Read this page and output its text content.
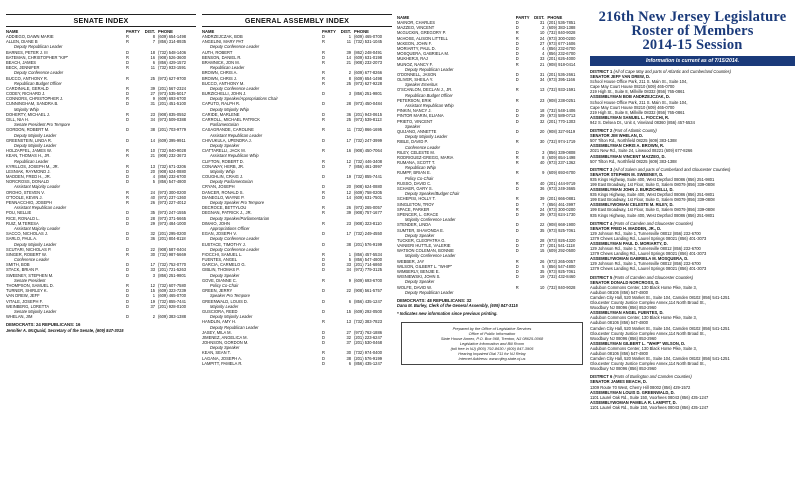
SENATE INDEX
NAME	PARTY	DIST. PHONE
ADDIEGO, DAWN MARIE	R	8 (609) 654-1498
ALLEN, DIANE B	R	7 (856) 314-8935
Deputy Republican Leader
BARNES, PETER J. III	D	18 (732) 548-1406
BATEMAN, CHRISTOPHER "KIP"	R	16 (908) 526-3600
BEACH, JAMES	D	6 (856) 429-1572
BECK, JENNIFER	R	11 (732) 933-1591
Deputy Conference Leader
BUCCO, ANTHONY R.	R	25 (973) 627-9700
Republican Budget Officer
CARDINALE, GERALD	R	39 (201) 567-2324
CODEY, RICHARD J.	D	27 (973) 535-5017
CONNORS, CHRISTOPHER J.	R	9 (609) 693-6700
CUNNINGHAM, SANDRA B.	D	31 (201) 451-5100
Majority Whip
DOHERTY, MICHAEL J.	R	23 (908) 835-0552
GILL, NIA H.	D	34 (973) 509-0388
Senate President Pro Tempore
GORDON, ROBERT M.	D	38 (201) 703-9779
Deputy Majority Leader
GREENSTEIN, LINDA R.	D	14 (609) 395-9911
Deputy Majority Leader
HOLZAPFEL, JAMES W.	R	10 (732) 840-9028
KEAN, THOMAS H., JR.	R	21 (908) 232-3673
Republican Leader
KYRILLOS, JOSEPH M., JR.	R	13 (732) 671-3206
LESNIAK, RAYMOND J.	D	20 (908) 624-0880
MADDEN, FRED H., JR.	D	4 (856) 232-6700
NORCROSS, DONALD	D	5 (856) 547-4800
Assistant Majority Leader
OROHO, STEVEN V.	R	24 (973) 300-0200
O'TOOLE, KEVIN J.	R	40 (973) 237-1360
PENNACCHIO, JOSEPH	R	26 (973) 227-4012
Assistant Republican Leader
POU, NELLIE	D	35 (973) 247-1555
RICE, RONALD L.	D	28 (973) 371-5665
RUIZ, M.TERESA	D	29 (973) 484-1000
Assistant Majority Leader
SACCO, NICHOLAS J.	D	32 (201) 295-0200
SARLO, PAUL A.	D	36 (201) 804-8118
Deputy Majority Leader
SCUTARI, NICHOLAS P.	D	22 (908) 587-0404
SINGER, ROBERT W.	R	30 (732) 987-5669
Conference Leader
SMITH, BOB	D	17 (732) 752-0770
STACK, BRIAN P.	D	33 (201) 721-5263
SWEENEY, STEPHEN M.	D	3 (856) 251-9801
Senate President
THOMPSON, SAMUEL D.	R	12 (732) 607-7580
TURNER, SHIRLEY K.	D	15 (609) 323-7239
VAN DREW, JEFF	D	1 (609) 465-0700
VITALE, JOSEPH F.	D	19 (732) 855-7441
WEINBERG, LORETTA	D	37 (201) 928-0100
Senate Majority Leader
WHELAN, JIM	D	2 (609) 383-1388
DEMOCRATS: 24 REPUBLICANS: 16
Jennifer A. McQuaid, Secretary of the Senate, (609) 847-3015
GENERAL ASSEMBLY INDEX
NAME	PARTY	DIST. PHONE
ANDRZEJCZAK, BOB	D	1 (609) 465-0700
ANGELINI, MARY PAT	R	11 (732) 531-1045
Deputy Conference Leader
AUTH, ROBERT	R	39 (862) 248-0491
BENSON, DANIEL R.	D	14 (609) 631-0198
BRAMNICK, JON M.	R	21 (908) 232-2073
Republican Leader
BROWN, CHRIS A.	R	2 (609) 677-8266
BROWN, CHRIS J.	R	8 (609) 654-1498
BUCCO, ANTHONY M.	R	25 (973) 627-9228
Deputy Conference Leader
BURZICHELLI, JOHN J.	D	3 (856) 251-9801
Deputy Speaker/Appropriations Chair
CAPUTO, RALPH R.	D	28 (973) 450-0484
Deputy Majority Whip
CARIDE, MARLENE	D	36 (201) 943-0615
CARROLL, MICHAEL PATRICK	R	25 (973) 539-8113
Parliamentarian
CASAGRANDE, CAROLINE	R	11 (732) 866-1695
Assistant Republican Leader
CHIVUKULA, UPENDRA J.	D	17 (732) 247-3999
Deputy Speaker
CIATTARELLI, JACK M.	R	16 (908) 450-7064
Assistant Republican Whip
CLIFTON, ROBERT D.	R	12 (732) 446-3408
CONAWAY, HERB, JR.	D	7 (856) 461-3997
Majority Whip
COUGHLIN, CRAIG J.	D	19 (732) 855-7441
Deputy Parliamentarian
CRYAN, JOSEPH	D	20 (908) 624-0880
DANCER, RONALD S.	R	12 (609) 758-0205
DIANEGLO, WAYNE P.	D	14 (609) 631-7501
Deputy Speaker Pro Tempore
DECROCE, BETTYLOU	R	26 (973) 265-0057
DEGNAN, PATRICK J., JR.	R	39 (908) 757-1677
Deputy Speaker/Parliamentarian
DIMAIO, JOHN	R	23 (908) 323-8110
Appropriations Officer
EGAN, JOSEPH V.	D	17 (732) 249-4550
Deputy Conference Leader
EUSTACE, TIMOTHY J.	D	38 (201) 576-9199
Deputy Conference Leader
FIOCCHI, SAMUEL L.	R	1 (856) 457-5534
FUENTES, ANGEL	D	5 (856) 547-4800
GARCIA, CARMELO G.	D	33 (201) 714-6860
GIBLIN, THOMAS P.	D	34 (973) 779-3125
Deputy Speaker
GOVE, DIANNE C.	R	9 (609) 693-6700
Policy Co-Chair
GREEN, JERRY	D	22 (908) 561-5757
Speaker Pro Tempore
GREENWALD, LOUIS D.	D	6 (856) 435-1247
Majority Leader
GUSCIORA, REED	D	15 (609) 292-0500
Deputy Majority Leader
HANDLIN, AMY H.	R	13 (732) 383-7823
Deputy Republican Leader
JASEY, MILA M.	D	27 (973) 762-1886
JIMENEZ, ANGELICA M.	D	32 (201) 223-6247
JOHNSON, GORDON M.	D	37 (201) 530-0468
Deputy Speaker
KEAN, SEAN T.	R	30 (732) 974-0400
LAGANA, JOSEPH A.	D	38 (201) 576-9199
LAMPITT, PAMELA R.	D	6 (856) 435-1247
NAME	PARTY	DIST. PHONE
MAINOR, CHARLES	D	31 (201) 536-7851
MAZZEO, VINCENT	D	2 (609) 383-1388
McGUCKIN, GREGORY P.	R	10 (732) 840-9028
McHOSE, ALISON LITTELL	R	24 (973) 300-0200
McKEON, JOHN F.	D	27 (973) 677-1606
MORIARTY, PAUL D.	D	4 (856) 232-6700
MOSQUERA, GABRIELA M.	D	4 (856) 232-6700
MUKHERJI, RAJ	D	33 (201) 626-4000
MUNOZ, NANCY F.	R	21 (908) 918-0414
Deputy Republican Leader
O'DONNELL, JASON	D	31 (201) 536-2661
OLIVER, SHEILA Y.	D	34 (973) 395-1166
Speaker Emeritus
O'SCANLON, DECLAN J., JR.	R	13 (732) 933-1591
Republican Budget Officer
PETERSON, ERIK	R	23 (908) 238-0251
Assistant Republican Whip
PINKIN, NANCY J.	D	18 (732) 548-1406
PINTOR MARIN, ELIANA	D	29 (973) 589-0713
PRIETO, VINCENT	D	32 (201) 770-1303
Speaker
QUIJANO, ANNETTE	D	20 (908) 327-9119
Deputy Majority Leader
RIBLE, DAVID P.	R	30 (732) 974-1719
Conference Leader
RILEY, CELESTE M.	D	3 (856) 339-0808
RODRIGUEZ-GREGG, MARIA	R	8 (609) 654-1498
RUMANA, SCOTT T.	R	40 (973) 237-1362
Republican Whip
RUMPF, BRIAN E.	R	9 (609) 693-6700
Policy Co-Chair
RUSSO, DAVID C.	R	40 (201) 444-9719
SCHAER, GARY S.	D	36 (973) 249-3665
Deputy Speaker/Budget Chair
SCHEPISI, HOLLY T.	R	39 (201) 666-0881
SINGLETON, TROY	D	7 (856) 461-3997
SPACE, PARKER	R	24 (973) 300-0200
SPENCER, L. GRACE	D	29 (973) 624-1730
Majority Conference Leader
STENDER, LINDA	D	22 (908) 668-1900
SUMTER, SHAVONDA E.	D	35 (973) 925-7061
Deputy Speaker
TUCKER, CLEOPATRA G.	D	28 (973) 926-4320
VAINIERI HUTTLE, VALERIE	D	37 (201) 541-1118
WATSON COLEMAN, BONNIE	D	15 (609) 292-0500
Majority Conference Leader
WEBBER, JAY	R	26 (973) 265-0057
WILSON, GILBERT L. "WHIP"	D	5 (856) 547-4800
WIMBERLY, BENJIE E.	D	35 (973) 925-7061
WISNIEWSKI, JOHN S.	D	19 (732) 432-8460
Deputy Speaker
WOLFE, DAVID W.	R	10 (732) 840-9028
Deputy Republican Leader
DEMOCRATS: 48 REPUBLICANS: 32
Dana M. Burley, Clerk of the General Assembly, (609) 847-3115
* Indicates new information since previous printing.
Prepared by the Office of Legislative Services
Office of Public Information
State House Annex, P.O. Box 068, Trenton, NJ 08625-0068
Legislative Information and Bill Room
(toll free in NJ) (800) 792-8630 / (609) 847-3905
Hearing Impaired Dial 711 for NJ Relay
Internet Address: www.njleg.state.nj.us
216th New Jersey Legislature
Roster of Members
2014-15 Session
Information is current as of 7/15/2014.
DISTRICT 1 (All of Cape May and parts of Atlantic and Cumberland Counties)
SENATOR JEFF VAN DREW, D.
School House Office Park, 211 S. Main St., Suite 104,
Cape May Court House 08210 (609) 465-0700
219 High St., Suite 8, Millville 08332 (856) 765-0861
ASSEMBLYMAN BOB ANDRZEJCZAK, D.
School House Office Park, 211 S. Main St., Suite 104,
Cape May Court House 08210 (609) 465-0700
219 High St., Suite 8, Millville 08332 (856) 765-0861
ASSEMBLYMAN SAMUEL L. FIOCCHI, R.
942 S. Delsea Dr., Unit 4, Vineland 08360 (856) 457-5534
DISTRICT 2 (Part of Atlantic County)
SENATOR JIM WHELAN, D.
507 Tilton Rd., Northfield 08225 (609) 383-1388
ASSEMBLYMAN CHRIS A. BROWN, R.
2021 New Rd., Suite 24, Linwood 08221 (609) 677-8266
ASSEMBLYMAN VINCENT MAZZEO, D.
507 Tilton Rd., Northfield 08225 (609) 383-1388
DISTRICT 3 (All of Salem and parts of Cumberland and Gloucester Counties)
SENATOR STEPHEN M. SWEENEY, D.
935 Kings Highway, Suite 400, West Deptford 08086 (856) 251-9801
199 East Broadway, 1st Floor, Suite G, Salem 08079 (856) 339-0808
ASSEMBLYMAN JOHN J. BURZICHELLI, D.
935 Kings Highway, Suite 400, West Deptford 08086 (856) 251-9801
199 East Broadway, 1st Floor, Suite G, Salem 08079 (856) 339-0808
ASSEMBLYWOMAN CELESTE M. RILEY, D.
199 East Broadway, 1st Floor, Suite G, Salem 08079 (856) 339-0808
935 Kings Highway, Suite 400, West Deptford 08086 (856) 251-9801
DISTRICT 4 (Parts of Camden and Gloucester Counties)
SENATOR FRED H. MADDEN, JR., D.
129 Johnson Rd., Suite 1, Turnersville 08012 (856) 232-6700
1379 Chews Landing Rd., Laurel Springs 08021 (856) 401-3073
ASSEMBLYMAN PAUL D. MORIARTY, D.
129 Johnson Rd., Suite 1, Turnersville 08012 (856) 232-6700
1379 Chews Landing Rd., Laurel Springs 08021 (856) 401-3073
ASSEMBLYWOMAN GABRIELA M. MOSQUERA, D.
129 Johnson Rd., Suite 1, Turnersville 08012 (856) 232-6700
1379 Chews Landing Rd., Laurel Springs 08021 (856) 401-3073
DISTRICT 5 (Parts of Camden and Gloucester Counties)
SENATOR DONALD NORCROSS, D.
Audubon Commons Center, 130 Black Horse Pike, Suite 3,
Audubon 08106 (856) 547-4800
Camden City Hall, 520 Market St., Suite 104, Camden 08102 (856) 541-1251
Gloucester County Justice Complex Annex,114 North Broad St.,
Woodbury NJ 08096 (856) 853-2960
ASSEMBLYMAN ANGEL FUENTES, D.
Audubon Commons Center, 130 Black Horse Pike, Suite 3,
Audubon 08106 (856) 547-4800
Camden City Hall, 520 Market St., Suite 104, Camden 08102 (856) 541-1251
Gloucester County Justice Complex Annex,114 North Broad St.,
Woodbury NJ 08096 (856) 853-2960
ASSEMBLYMAN GILBERT L. "WHIP" WILSON, D.
Audubon Commons Center, 130 Black Horse Pike, Suite 3,
Audubon 08106 (856) 547-4800
Camden City Hall, 520 Market St., Suite 104, Camden 08102 (856) 541-1251
Gloucester County Justice Complex Annex,114 North Broad St.,
Woodbury NJ 08096 (856) 853-2960
DISTRICT 6 (Parts of Burlington and Camden Counties)
SENATOR JAMES BEACH, D.
1309 Route 70 West, Cherry Hill 08002 (856) 429-1572
ASSEMBLYMAN LOUIS D. GREENWALD, D.
1101 Laurel Oak Rd., Suite 150, Voorhees 08043 (856) 435-1247
ASSEMBLYWOMAN PAMELA R. LAMPITT, D.
1101 Laurel Oak Rd., Suite 150, Voorhees 08043 (856) 435-1247
